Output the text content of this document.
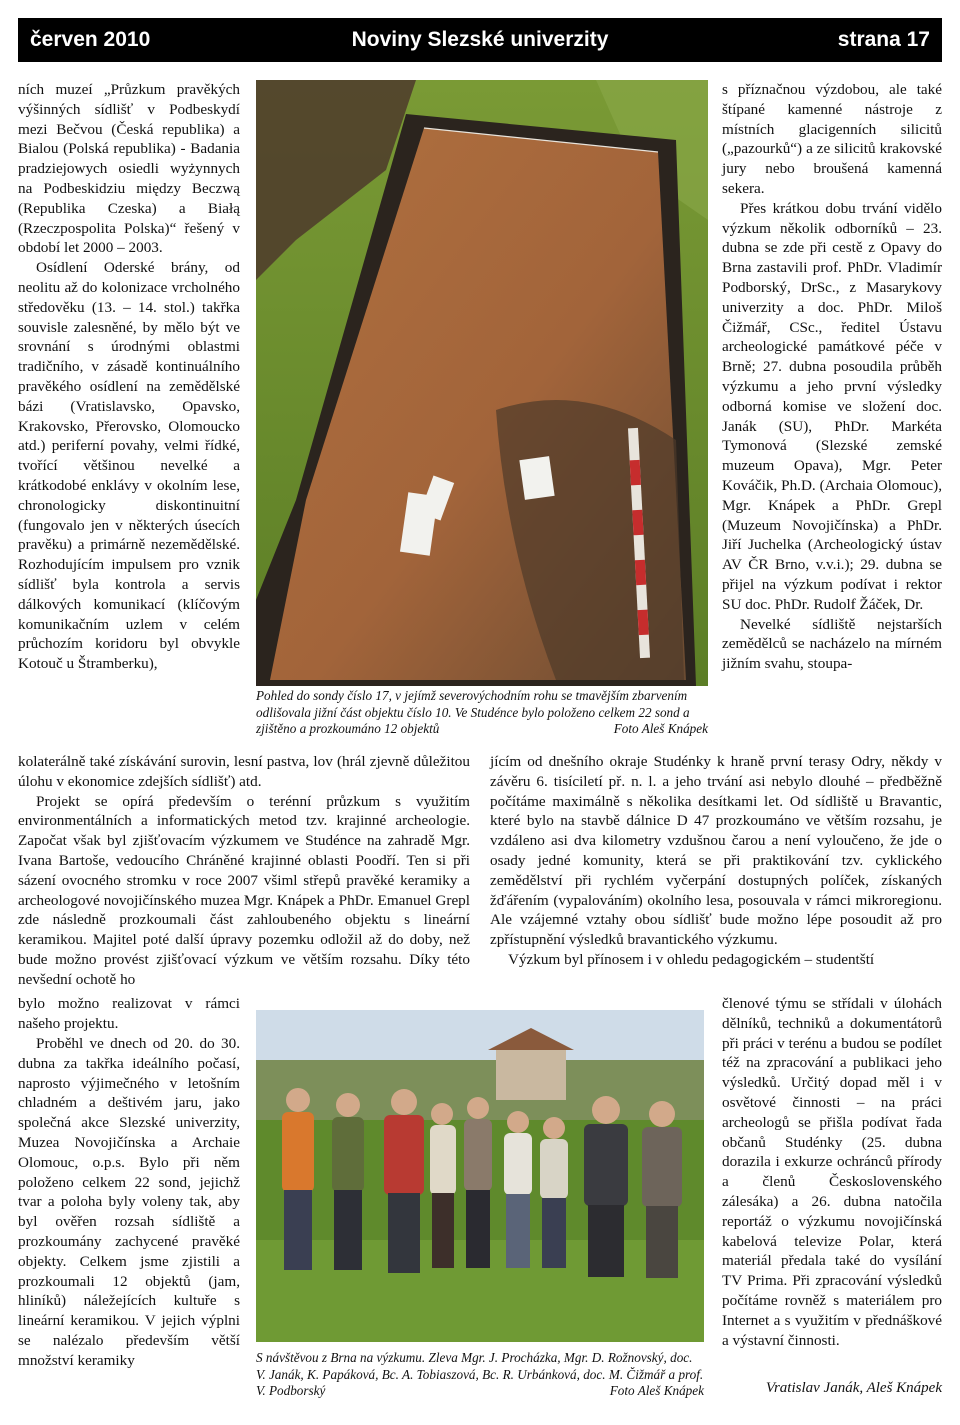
Noviny Slezské univerzity
červen 2010	strana 17

ních muzeí „Průzkum pravěkých výšinných sídlišť v Podbeskydí mezi Bečvou (Česká republika) a Bialou (Polská republika) - Badania pradziejowych osiedli wyżynnych na Podbeskidziu między Beczwą (Republika Czeska) a Białą (Rzeczpospolita Polska)“ řešený v období let 2000 – 2003.

Osídlení Oderské brány, od neolitu až do kolonizace vrcholného středověku (13. – 14. stol.) takřka souvisle zalesněné, by mělo být ve srovnání s úrodnými oblastmi tradičního, v zásadě kontinuálního pravěkého osídlení na zemědělské bázi (Vratislavsko, Opavsko, Krakovsko, Přerovsko, Olomoucko atd.) periferní povahy, velmi řídké, tvořící většinou nevelké a krátkodobé enklávy v okolním lese, chronologicky diskontinuitní (fungovalo jen v některých úsecích pravěku) a primárně nezemědělské. Rozhodujícím impulsem pro vznik sídlišť byla kontrola a servis dálkových komunikací (klíčovým komunikačním uzlem v celém průchozím koridoru byl obvykle Kotouč u Štramberku),

Pohled do sondy číslo 17, v jejímž severovýchodním rohu se tmavějším zbarvením odlišovala jižní část objektu číslo 10. Ve Studénce bylo položeno celkem 22 sond a zjištěno a prozkoumáno 12 objektů	Foto Aleš Knápek

s příznačnou výzdobou, ale také štípané kamenné nástroje z místních glacigenních silicitů („pazourků“) a ze silicitů krakovské jury nebo broušená kamenná sekera.

Přes krátkou dobu trvání vidělo výzkum několik odborníků – 23. dubna se zde při cestě z Opavy do Brna zastavili prof. PhDr. Vladimír Podborský, DrSc., z Masarykovy univerzity a doc. PhDr. Miloš Čižmář, CSc., ředitel Ústavu archeologické památkové péče v Brně; 27. dubna posoudila průběh výzkumu a jeho první výsledky odborná komise ve složení doc. Janák (SU), PhDr. Markéta Tymonová (Slezské zemské muzeum Opava), Mgr. Peter Kováčik, Ph.D. (Archaia Olomouc), Mgr. Knápek a PhDr. Grepl (Muzeum Novojičínska) a PhDr. Jiří Juchelka (Archeologický ústav AV ČR Brno, v.v.i.); 29. dubna se přijel na výzkum podívat i rektor SU doc. PhDr. Rudolf Žáček, Dr.

Nevelké sídliště nejstarších zemědělců se nacházelo na mírném jižním svahu, stoupa-

kolaterálně také získávání surovin, lesní pastva, lov (hrál zjevně důležitou úlohu v ekonomice zdejších sídlišť) atd.

Projekt se opírá především o terénní průzkum s využitím environmentálních a informatických metod tzv. krajinné archeologie. Započat však byl zjišťovacím výzkumem ve Studénce na zahradě Mgr. Ivana Bartoše, vedoucího Chráněné krajinné oblasti Poodří. Ten si při sázení ovocného stromku v roce 2007 všiml střepů pravěké keramiky a archeologové novojičínského muzea Mgr. Knápek a PhDr. Emanuel Grepl zde následně prozkoumali část zahloubeného objektu s lineární keramikou. Majitel poté další úpravy pozemku odložil až do doby, než bude možno provést zjišťovací výzkum ve větším rozsahu. Díky této nevšední ochotě ho

bylo možno realizovat v rámci našeho projektu.

Proběhl ve dnech od 20. do 30. dubna za takřka ideálního počasí, naprosto výjimečného v letošním chladném a deštivém jaru, jako společná akce Slezské univerzity, Muzea Novojičínska a Archaie Olomouc, o.p.s. Bylo při něm položeno celkem 22 sond, jejichž tvar a poloha byly voleny tak, aby byl ověřen rozsah sídliště a prozkoumány zachycené pravěké objekty. Celkem jsme zjistili a prozkoumali 12 objektů (jam, hliníků) náležejících kultuře s lineární keramikou. V jejich výplni se nalézalo především větší množství keramiky

jícím od dnešního okraje Studénky k hraně první terasy Odry, někdy v závěru 6. tisíciletí př. n. l. a jeho trvání asi nebylo dlouhé – předběžně počítáme maximálně s několika desítkami let. Od sídliště u Bravantic, které bylo na stavbě dálnice D 47 prozkoumáno ve větším rozsahu, je vzdáleno asi dva kilometry vzdušnou čarou a není vyloučeno, že jde o osady jedné komunity, která se při praktikování tzv. cyklického zemědělství při rychlém vyčerpání dostupných políček, získaných žďářením (vypalováním) okolního lesa, posouvala v rámci mikroregionu. Ale vzájemné vztahy obou sídlišť bude možno lépe posoudit až pro zpřístupnění výsledků bravantického výzkumu.

Výzkum byl přínosem i v ohledu pedagogickém – studentští

S návštěvou z Brna na výzkumu. Zleva Mgr. J. Procházka, Mgr. D. Rožnovský, doc. V. Janák, K. Papáková, Bc. A. Tobiaszová, Bc. R. Urbánková, doc. M. Čižmář a prof. V. Podborský	Foto Aleš Knápek

členové týmu se střídali v úlohách dělníků, techniků a dokumentátorů při práci v terénu a budou se podílet též na zpracování a publikaci jeho výsledků. Určitý dopad měl i v osvětové činnosti – na práci archeologů se přišla podívat řada občanů Studénky (25. dubna dorazila i exkurze ochránců přírody a členů Československého zálesáka) a 26. dubna natočila reportáž o výzkumu novojičínská kabelová televize Polar, která materiál předala také do vysílání TV Prima. Při zpracování výsledků počítáme rovněž s materiálem pro Internet a s využitím v přednáškové a výstavní činnosti.

Vratislav Janák, Aleš Knápek
